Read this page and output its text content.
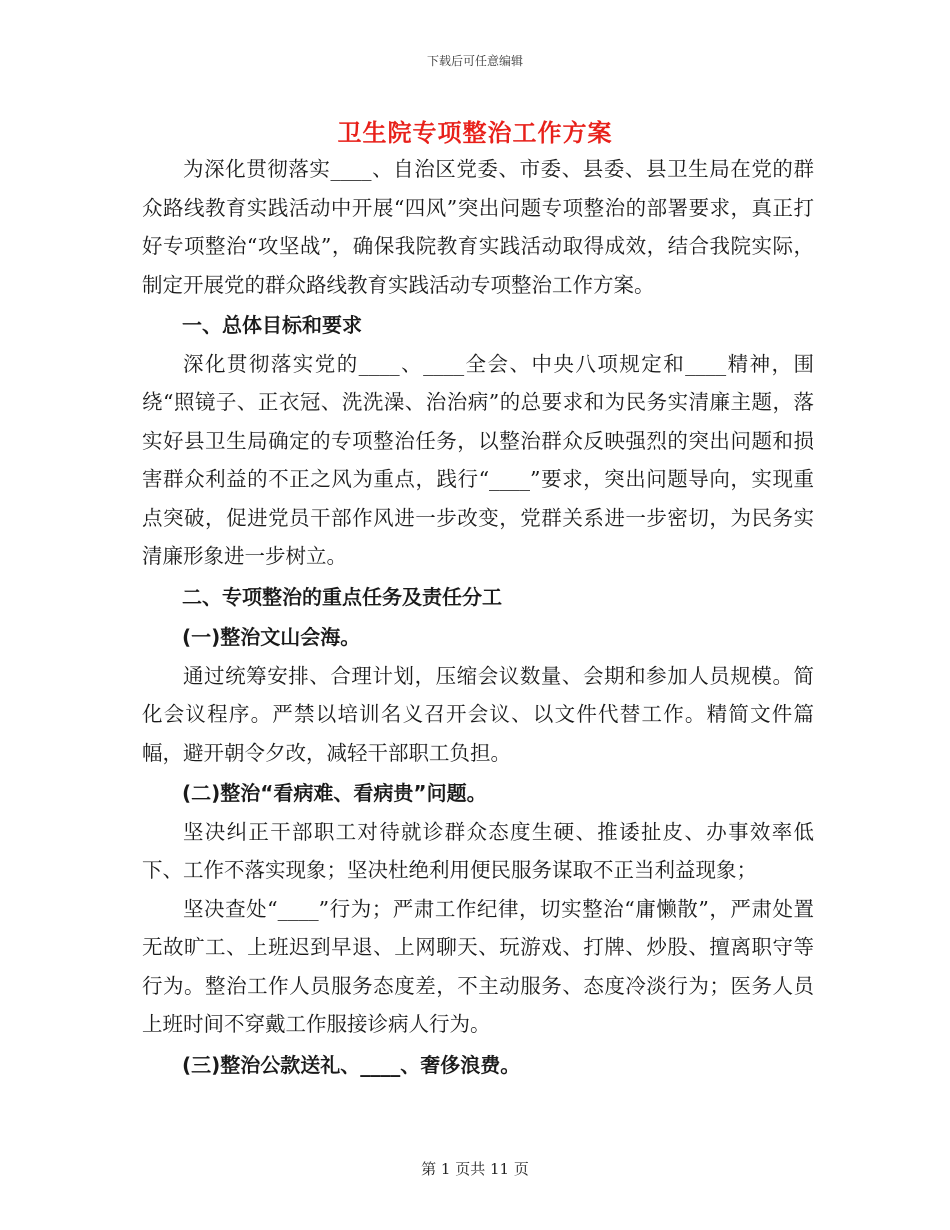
下载后可任意编辑
卫生院专项整治工作方案

为深化贯彻落实____、自治区党委、市委、县委、县卫生局在党的群众路线教育实践活动中开展“四风”突出问题专项整治的部署要求，真正打好专项整治“攻坚战”，确保我院教育实践活动取得成效，结合我院实际，制定开展党的群众路线教育实践活动专项整治工作方案。

一、总体目标和要求

深化贯彻落实党的____、____全会、中央八项规定和____精神，围绕“照镜子、正衣冠、洗洗澡、治治病”的总要求和为民务实清廉主题，落实好县卫生局确定的专项整治任务，以整治群众反映强烈的突出问题和损害群众利益的不正之风为重点，践行“____”要求，突出问题导向，实现重点突破，促进党员干部作风进一步改变，党群关系进一步密切，为民务实清廉形象进一步树立。

二、专项整治的重点任务及责任分工

(一)整治文山会海。

通过统筹安排、合理计划，压缩会议数量、会期和参加人员规模。简化会议程序。严禁以培训名义召开会议、以文件代替工作。精简文件篇幅，避开朝令夕改，减轻干部职工负担。

(二)整治“看病难、看病贵”问题。

坚决纠正干部职工对待就诊群众态度生硬、推诿扯皮、办事效率低下、工作不落实现象；坚决杜绝利用便民服务谋取不正当利益现象；

坚决查处“____”行为；严肃工作纪律，切实整治“庸懒散”，严肃处置无故旷工、上班迟到早退、上网聊天、玩游戏、打牌、炒股、擅离职守等行为。整治工作人员服务态度差，不主动服务、态度冷淡行为；医务人员上班时间不穿戴工作服接诊病人行为。

(三)整治公款送礼、____、奢侈浪费。

第 1 页共 11 页
